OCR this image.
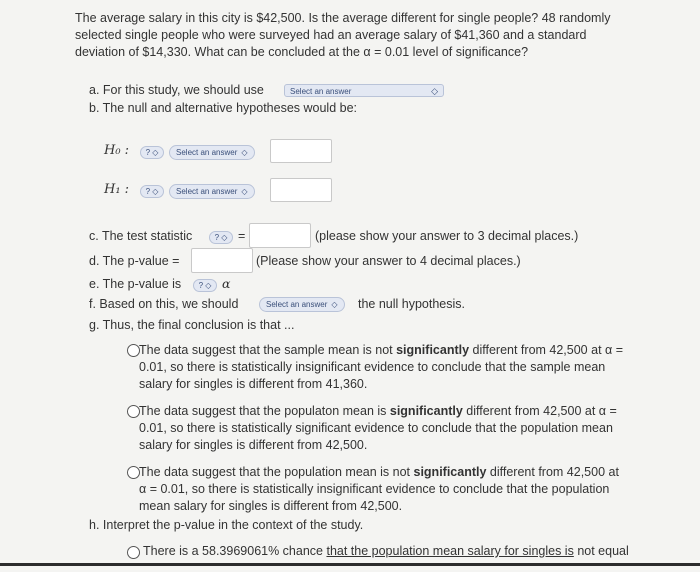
The average salary in this city is $42,500. Is the average different for single people? 48 randomly
selected single people who were surveyed had an average salary of $41,360 and a standard
deviation of $14,330. What can be concluded at the α = 0.01 level of significance?
a. For this study, we should use	Select an answer	◇
b. The null and alternative hypotheses would be:
H₀ :	? ◇	Select an answer ◇
H₁ :	? ◇	Select an answer ◇
c. The test statistic	? ◇ =	(please show your answer to 3 decimal places.)
d. The p-value =	(Please show your answer to 4 decimal places.)
e. The p-value is	? ◇ α
f. Based on this, we should	Select an answer ◇	the null hypothesis.
g. Thus, the final conclusion is that ...
The data suggest that the sample mean is not significantly different from 42,500 at α =
0.01, so there is statistically insignificant evidence to conclude that the sample mean
salary for singles is different from 41,360.
The data suggest that the populaton mean is significantly different from 42,500 at α =
0.01, so there is statistically significant evidence to conclude that the population mean
salary for singles is different from 42,500.
The data suggest that the population mean is not significantly different from 42,500 at
α = 0.01, so there is statistically insignificant evidence to conclude that the population
mean salary for singles is different from 42,500.
h. Interpret the p-value in the context of the study.
There is a 58.3969061% chance that the population mean salary for singles is not equal
